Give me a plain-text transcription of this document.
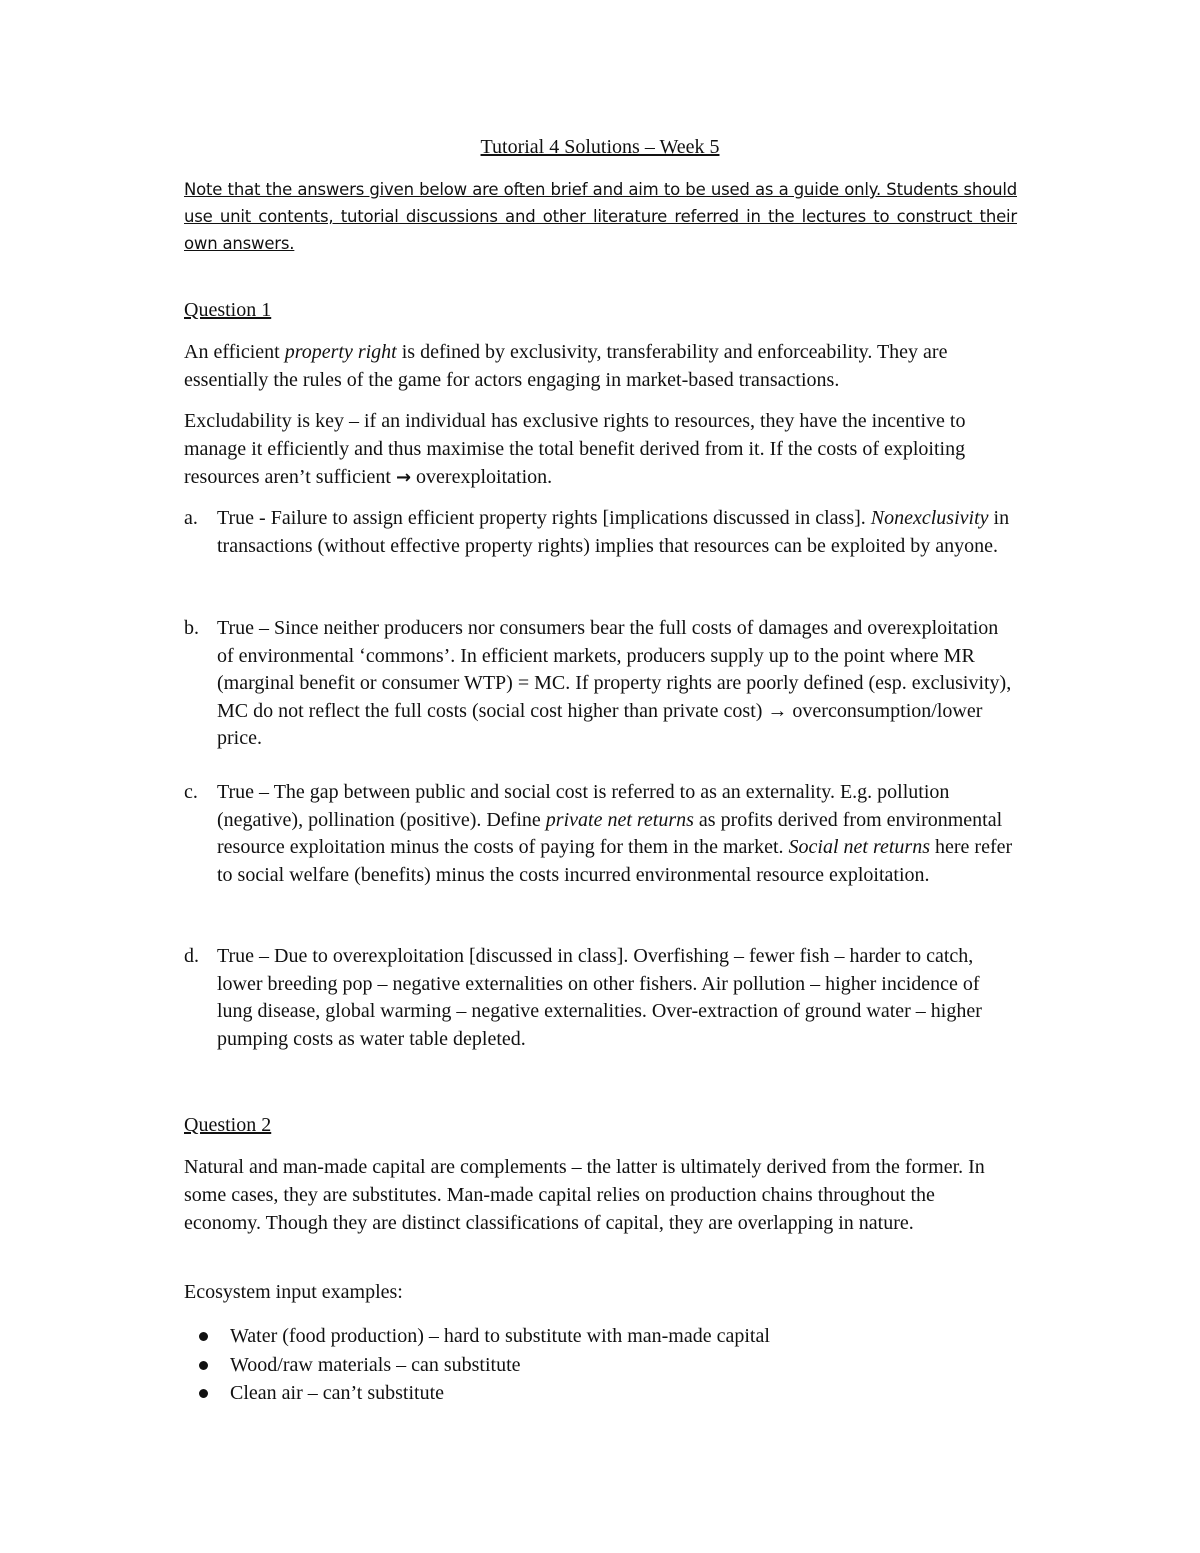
Tutorial 4 Solutions – Week 5
Note that the answers given below are often brief and aim to be used as a guide only. Students should use unit contents, tutorial discussions and other literature referred in the lectures to construct their own answers.
Question 1
An efficient property right is defined by exclusivity, transferability and enforceability. They are essentially the rules of the game for actors engaging in market-based transactions.
Excludability is key – if an individual has exclusive rights to resources, they have the incentive to manage it efficiently and thus maximise the total benefit derived from it. If the costs of exploiting resources aren’t sufficient → overexploitation.
a. True - Failure to assign efficient property rights [implications discussed in class]. Nonexclusivity in transactions (without effective property rights) implies that resources can be exploited by anyone.
b. True – Since neither producers nor consumers bear the full costs of damages and overexploitation of environmental ‘commons’. In efficient markets, producers supply up to the point where MR (marginal benefit or consumer WTP) = MC. If property rights are poorly defined (esp. exclusivity), MC do not reflect the full costs (social cost higher than private cost) → overconsumption/lower price.
c. True – The gap between public and social cost is referred to as an externality. E.g. pollution (negative), pollination (positive). Define private net returns as profits derived from environmental resource exploitation minus the costs of paying for them in the market. Social net returns here refer to social welfare (benefits) minus the costs incurred environmental resource exploitation.
d. True – Due to overexploitation [discussed in class]. Overfishing – fewer fish – harder to catch, lower breeding pop – negative externalities on other fishers. Air pollution – higher incidence of lung disease, global warming – negative externalities. Over-extraction of ground water – higher pumping costs as water table depleted.
Question 2
Natural and man-made capital are complements – the latter is ultimately derived from the former. In some cases, they are substitutes. Man-made capital relies on production chains throughout the economy. Though they are distinct classifications of capital, they are overlapping in nature.
Ecosystem input examples:
Water (food production) – hard to substitute with man-made capital
Wood/raw materials – can substitute
Clean air – can’t substitute
